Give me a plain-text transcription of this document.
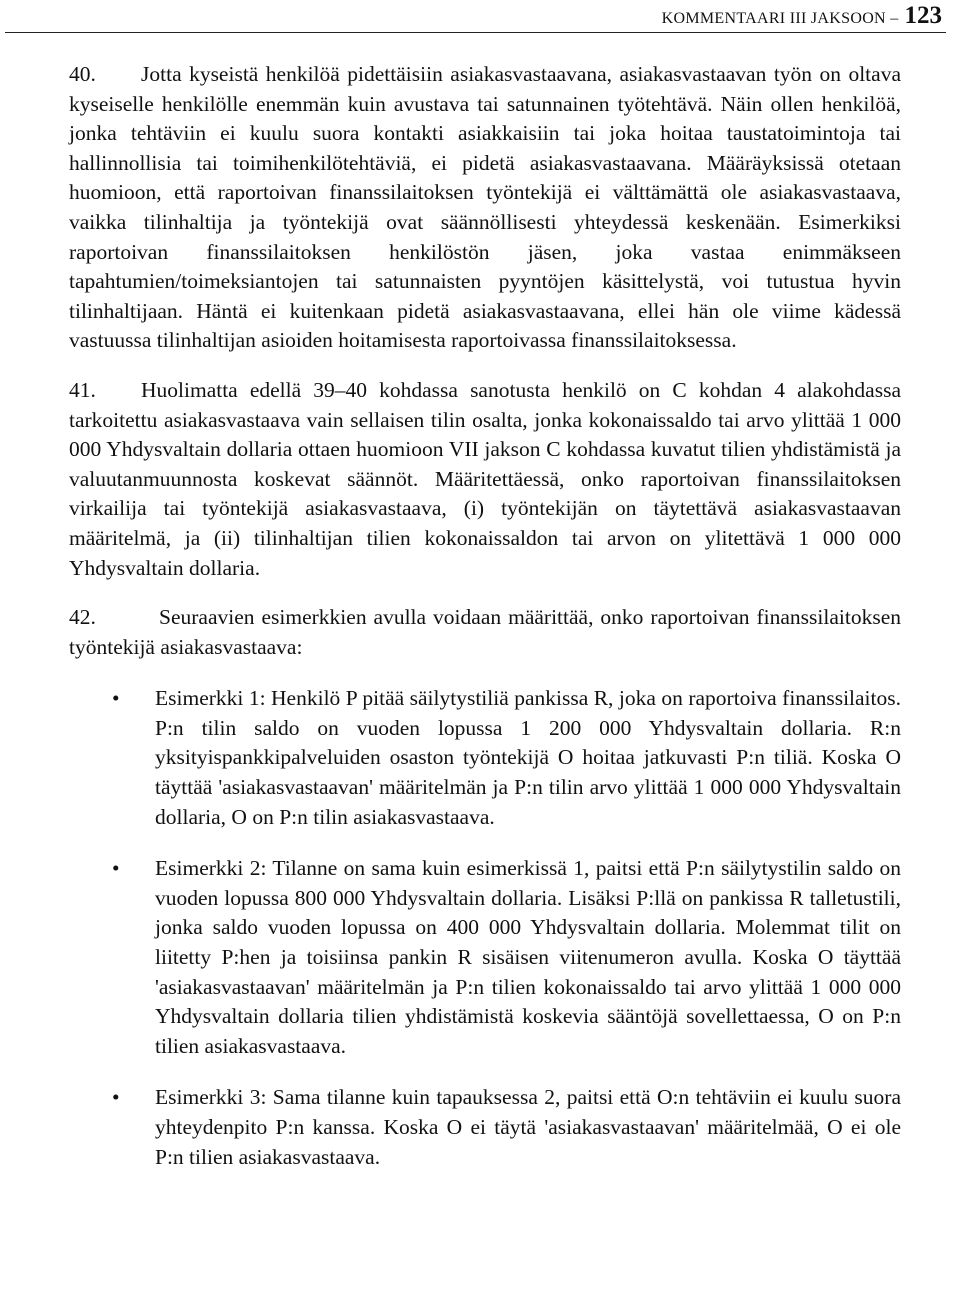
KOMMENTAARI III JAKSOON – 123

40. Jotta kyseistä henkilöä pidettäisiin asiakasvastaavana, asiakasvastaavan työn on oltava kyseiselle henkilölle enemmän kuin avustava tai satunnainen työtehtävä. Näin ollen henkilöä, jonka tehtäviin ei kuulu suora kontakti asiakkaisiin tai joka hoitaa taustatoimintoja tai hallinnollisia tai toimihenkilötehtäviä, ei pidetä asiakasvastaavana. Määräyksissä otetaan huomioon, että raportoivan finanssilaitoksen työntekijä ei välttämättä ole asiakasvastaava, vaikka tilinhaltija ja työntekijä ovat säännöllisesti yhteydessä keskenään. Esimerkiksi raportoivan finanssilaitoksen henkilöstön jäsen, joka vastaa enimmäkseen tapahtumien/toimeksiantojen tai satunnaisten pyyntöjen käsittelystä, voi tutustua hyvin tilinhaltijaan. Häntä ei kuitenkaan pidetä asiakasvastaavana, ellei hän ole viime kädessä vastuussa tilinhaltijan asioiden hoitamisesta raportoivassa finanssilaitoksessa.

41. Huolimatta edellä 39–40 kohdassa sanotusta henkilö on C kohdan 4 alakohdassa tarkoitettu asiakasvastaava vain sellaisen tilin osalta, jonka kokonaissaldo tai arvo ylittää 1 000 000 Yhdysvaltain dollaria ottaen huomioon VII jakson C kohdassa kuvatut tilien yhdistämistä ja valuutanmuunnosta koskevat säännöt. Määritettäessä, onko raportoivan finanssilaitoksen virkailija tai työntekijä asiakasvastaava, (i) työntekijän on täytettävä asiakasvastaavan määritelmä, ja (ii) tilinhaltijan tilien kokonaissaldon tai arvon on ylitettävä 1 000 000 Yhdysvaltain dollaria.

42.	Seuraavien esimerkkien avulla voidaan määrittää, onko raportoivan finanssilaitoksen työntekijä asiakasvastaava:

• Esimerkki 1: Henkilö P pitää säilytystiliä pankissa R, joka on raportoiva finanssilaitos. P:n tilin saldo on vuoden lopussa 1 200 000 Yhdysvaltain dollaria. R:n yksityispankkipalveluiden osaston työntekijä O hoitaa jatkuvasti P:n tiliä. Koska O täyttää 'asiakasvastaavan' määritelmän ja P:n tilin arvo ylittää 1 000 000 Yhdysvaltain dollaria, O on P:n tilin asiakasvastaava.
• Esimerkki 2: Tilanne on sama kuin esimerkissä 1, paitsi että P:n säilytystilin saldo on vuoden lopussa 800 000 Yhdysvaltain dollaria. Lisäksi P:llä on pankissa R talletustili, jonka saldo vuoden lopussa on 400 000 Yhdysvaltain dollaria. Molemmat tilit on liitetty P:hen ja toisiinsa pankin R sisäisen viitenumeron avulla. Koska O täyttää 'asiakasvastaavan' määritelmän ja P:n tilien kokonaissaldo tai arvo ylittää 1 000 000 Yhdysvaltain dollaria tilien yhdistämistä koskevia sääntöjä sovellettaessa, O on P:n tilien asiakasvastaava.
• Esimerkki 3: Sama tilanne kuin tapauksessa 2, paitsi että O:n tehtäviin ei kuulu suora yhteydenpito P:n kanssa. Koska O ei täytä 'asiakasvastaavan' määritelmää, O ei ole P:n tilien asiakasvastaava.
